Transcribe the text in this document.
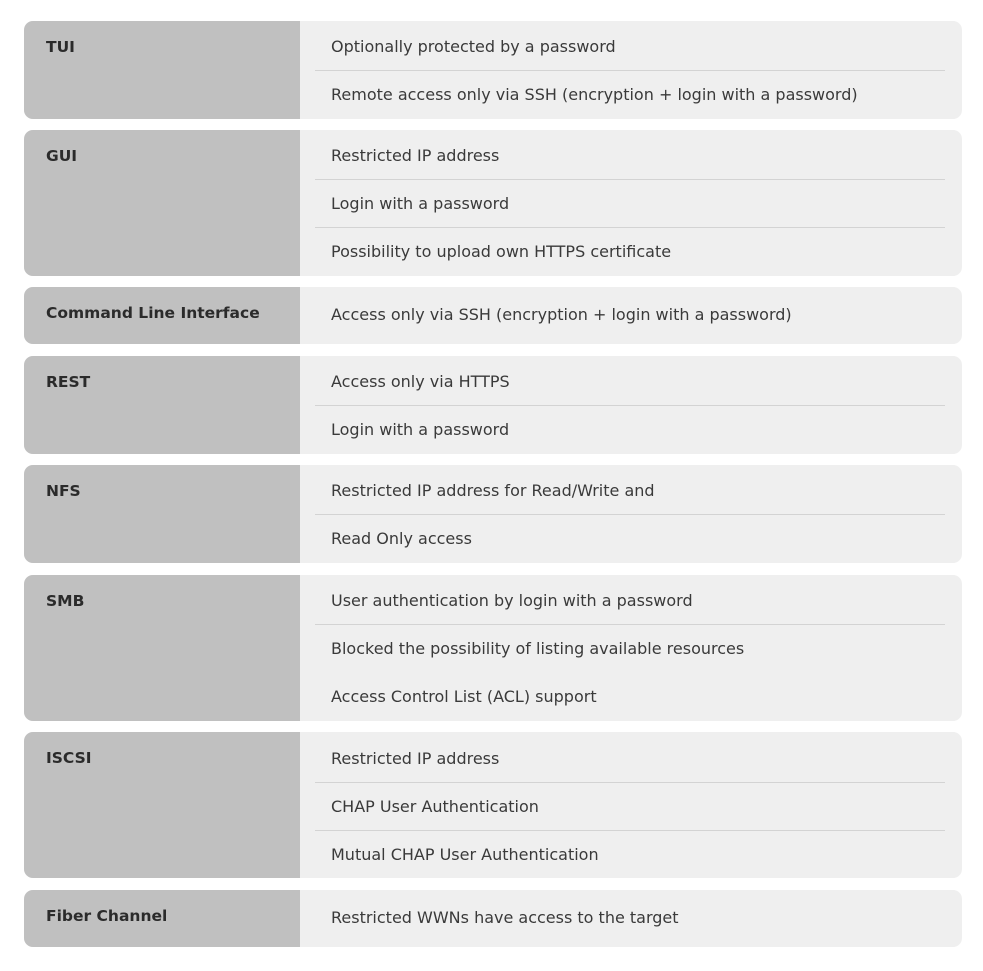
TUI	Optionally protected by a password
Remote access only via SSH (encryption + login with a password)
GUI	Restricted IP address
Login with a password
Possibility to upload own HTTPS certificate
Command Line Interface	Access only via SSH (encryption + login with a password)
REST	Access only via HTTPS
Login with a password
NFS	Restricted IP address for Read/Write and
Read Only access
SMB	User authentication by login with a password
Blocked the possibility of listing available resources
Access Control List (ACL) support
ISCSI	Restricted IP address
CHAP User Authentication
Mutual CHAP User Authentication
Fiber Channel	Restricted WWNs have access to the target
